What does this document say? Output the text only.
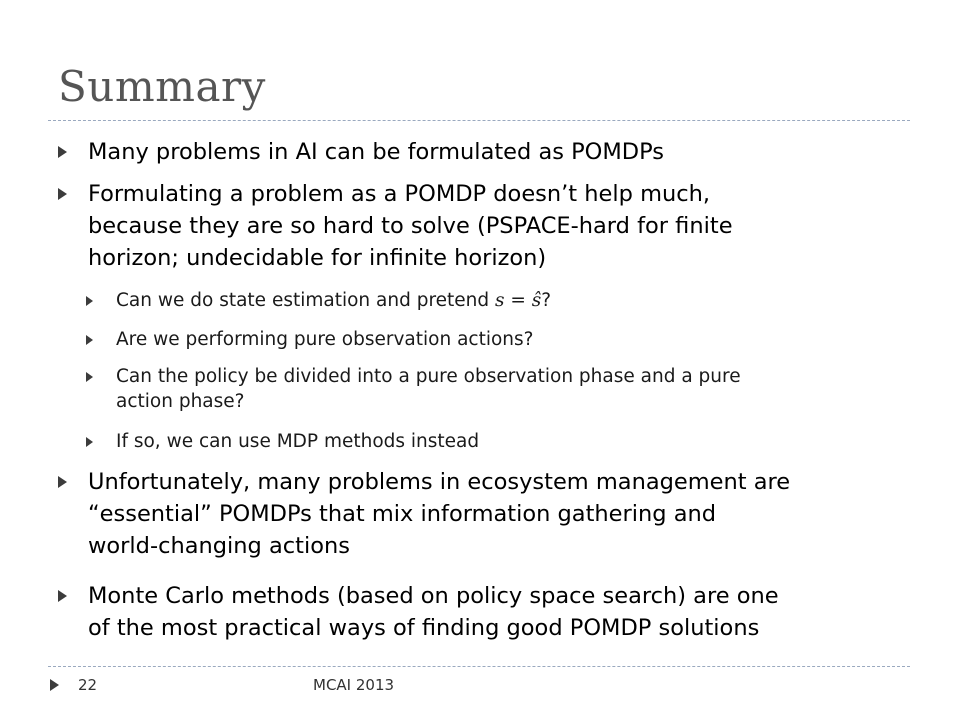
Summary
Many problems in AI can be formulated as POMDPs
Formulating a problem as a POMDP doesn’t help much,
because they are so hard to solve (PSPACE-hard for finite
horizon; undecidable for infinite horizon)
Can we do state estimation and pretend s = ŝ?
Are we performing pure observation actions?
Can the policy be divided into a pure observation phase and a pure
action phase?
If so, we can use MDP methods instead
Unfortunately, many problems in ecosystem management are
“essential” POMDPs that mix information gathering and
world-changing actions
Monte Carlo methods (based on policy space search) are one
of the most practical ways of finding good POMDP solutions
22	MCAI 2013
